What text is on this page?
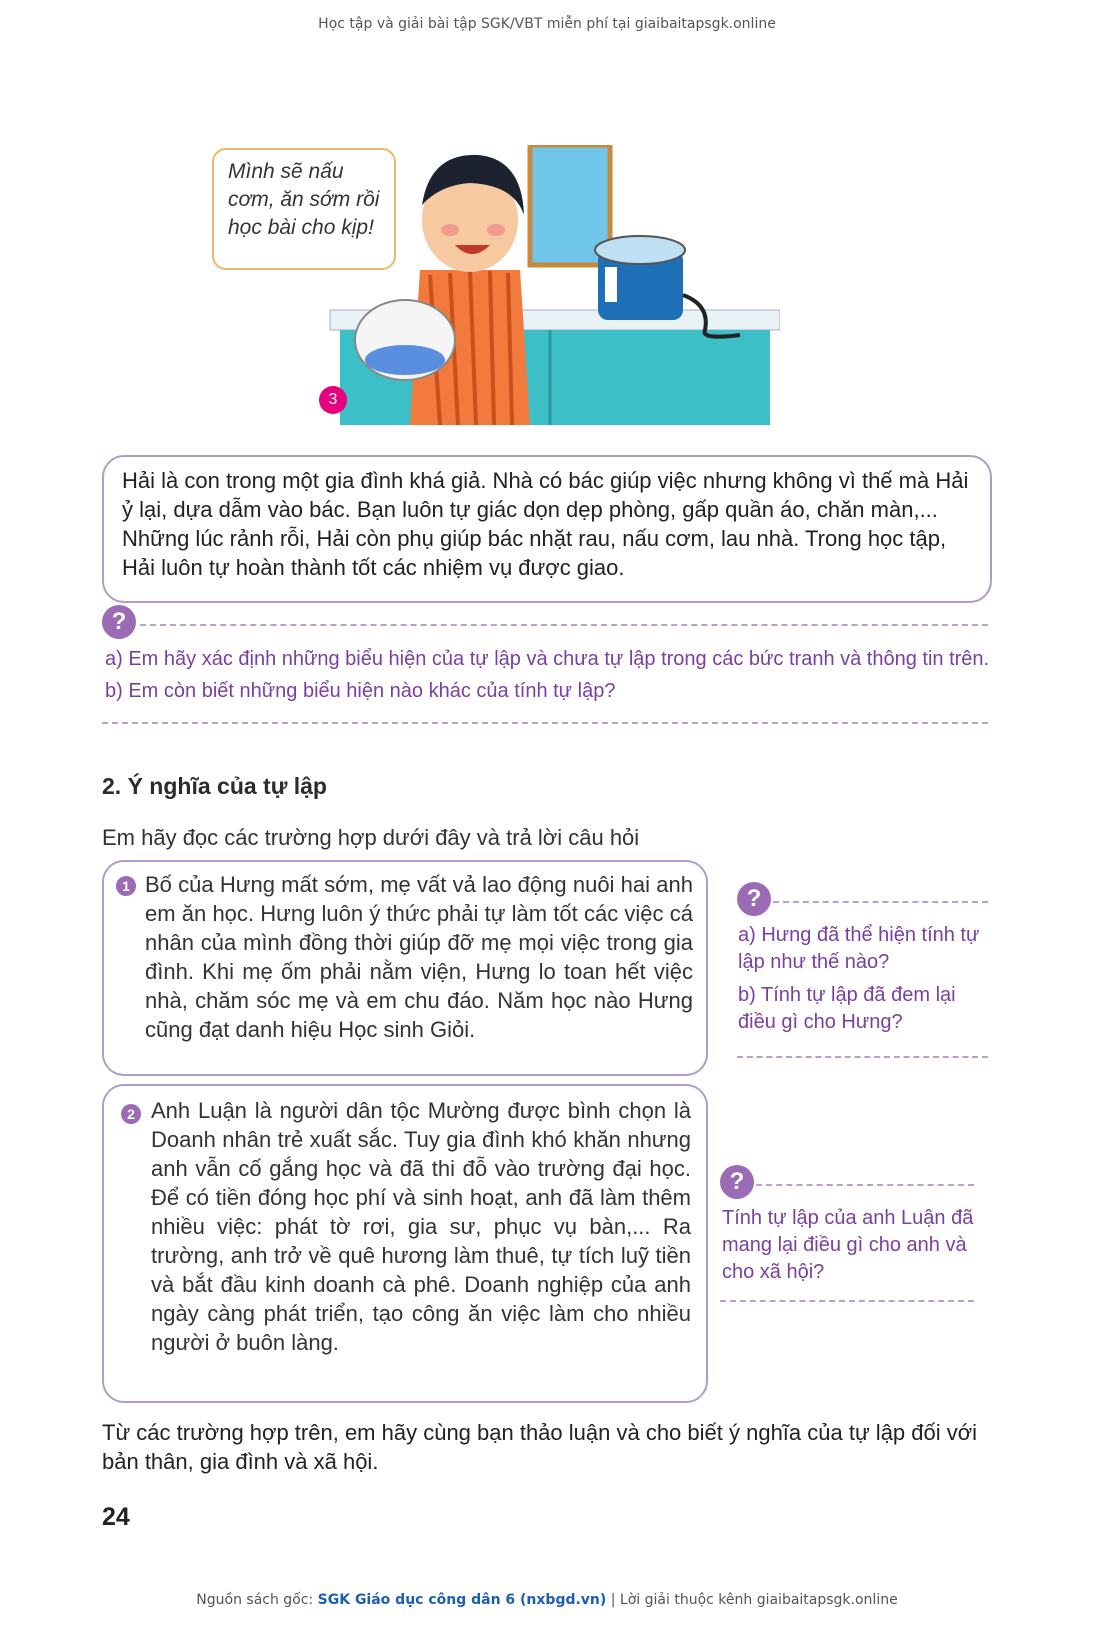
Học tập và giải bài tập SGK/VBT miễn phí tại giaibaitapsgk.online
Mình sẽ nấu cơm, ăn sớm rồi học bài cho kịp!
3
Hải là con trong một gia đình khá giả. Nhà có bác giúp việc nhưng không vì thế mà Hải ỷ lại, dựa dẫm vào bác. Bạn luôn tự giác dọn dẹp phòng, gấp quần áo, chăn màn,... Những lúc rảnh rỗi, Hải còn phụ giúp bác nhặt rau, nấu cơm, lau nhà. Trong học tập, Hải luôn tự hoàn thành tốt các nhiệm vụ được giao.
?
a) Em hãy xác định những biểu hiện của tự lập và chưa tự lập trong các bức tranh và thông tin trên.
b) Em còn biết những biểu hiện nào khác của tính tự lập?
2. Ý nghĩa của tự lập
Em hãy đọc các trường hợp dưới đây và trả lời câu hỏi
1 Bố của Hưng mất sớm, mẹ vất vả lao động nuôi hai anh em ăn học. Hưng luôn ý thức phải tự làm tốt các việc cá nhân của mình đồng thời giúp đỡ mẹ mọi việc trong gia đình. Khi mẹ ốm phải nằm viện, Hưng lo toan hết việc nhà, chăm sóc mẹ và em chu đáo. Năm học nào Hưng cũng đạt danh hiệu Học sinh Giỏi.
?
a) Hưng đã thể hiện tính tự lập như thế nào?
b) Tính tự lập đã đem lại điều gì cho Hưng?
2 Anh Luận là người dân tộc Mường được bình chọn là Doanh nhân trẻ xuất sắc. Tuy gia đình khó khăn nhưng anh vẫn cố gắng học và đã thi đỗ vào trường đại học. Để có tiền đóng học phí và sinh hoạt, anh đã làm thêm nhiều việc: phát tờ rơi, gia sư, phục vụ bàn,... Ra trường, anh trở về quê hương làm thuê, tự tích luỹ tiền và bắt đầu kinh doanh cà phê. Doanh nghiệp của anh ngày càng phát triển, tạo công ăn việc làm cho nhiều người ở buôn làng.
?
Tính tự lập của anh Luận đã mang lại điều gì cho anh và cho xã hội?
Từ các trường hợp trên, em hãy cùng bạn thảo luận và cho biết ý nghĩa của tự lập đối với bản thân, gia đình và xã hội.
24
Nguồn sách gốc: SGK Giáo dục công dân 6 (nxbgd.vn) | Lời giải thuộc kênh giaibaitapsgk.online
